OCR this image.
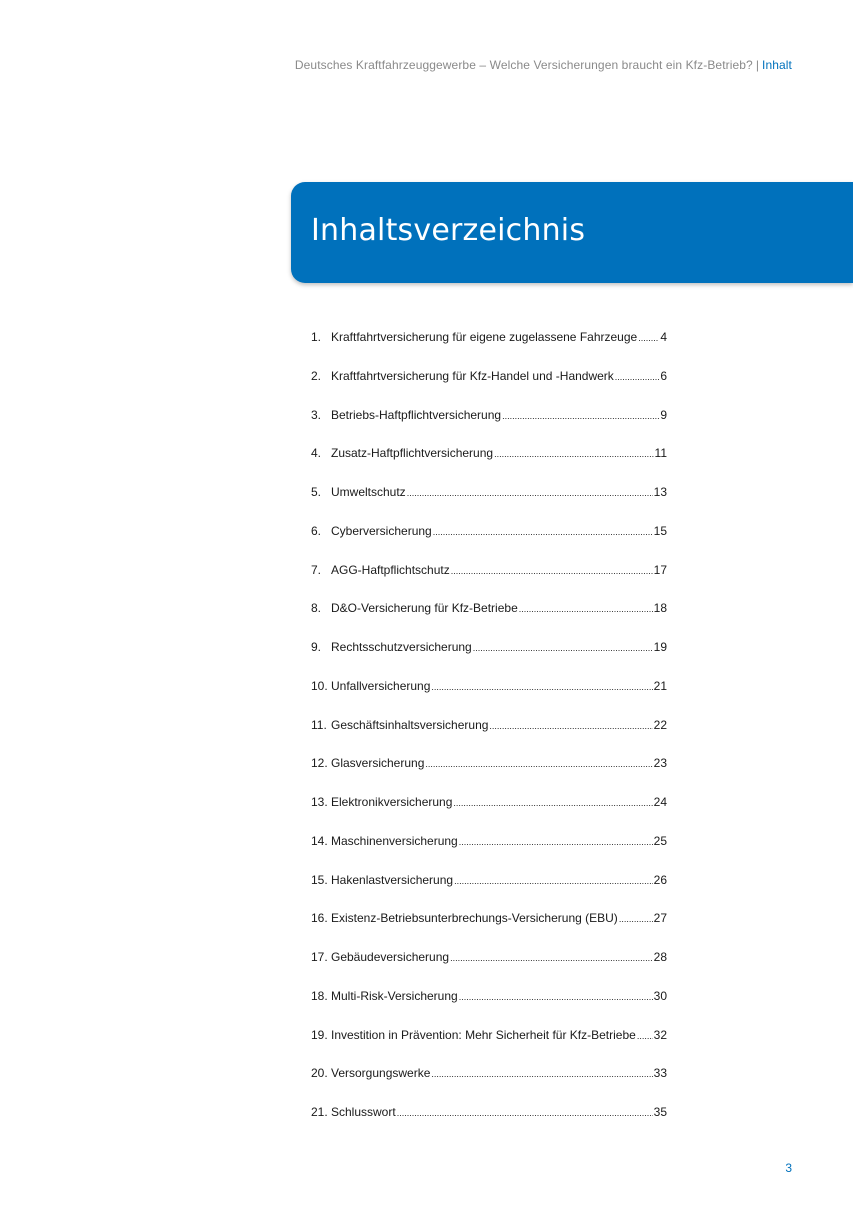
Deutsches Kraftfahrzeuggewerbe – Welche Versicherungen braucht ein Kfz-Betrieb? | Inhalt
Inhaltsverzeichnis
1. Kraftfahrtversicherung für eigene zugelassene Fahrzeuge ..... 4
2. Kraftfahrtversicherung für Kfz-Handel und -Handwerk .....	6
3. Betriebs-Haftpflichtversicherung .....	9
4. Zusatz-Haftpflichtversicherung .....	11
5. Umweltschutz .....	13
6. Cyberversicherung .....	15
7. AGG-Haftpflichtschutz .....	17
8. D&O-Versicherung für Kfz-Betriebe .....	18
9. Rechtsschutzversicherung .....	19
10. Unfallversicherung .....	21
11. Geschäftsinhaltsversicherung .....	22
12. Glasversicherung .....	23
13. Elektronikversicherung .....	24
14. Maschinenversicherung .....	25
15. Hakenlastversicherung .....	26
16. Existenz-Betriebsunterbrechungs-Versicherung (EBU) .....	27
17. Gebäudeversicherung .....	28
18. Multi-Risk-Versicherung .....	30
19. Investition in Prävention: Mehr Sicherheit für Kfz-Betriebe ..... 32
20. Versorgungswerke .....	33
21. Schlusswort .....	35
3
